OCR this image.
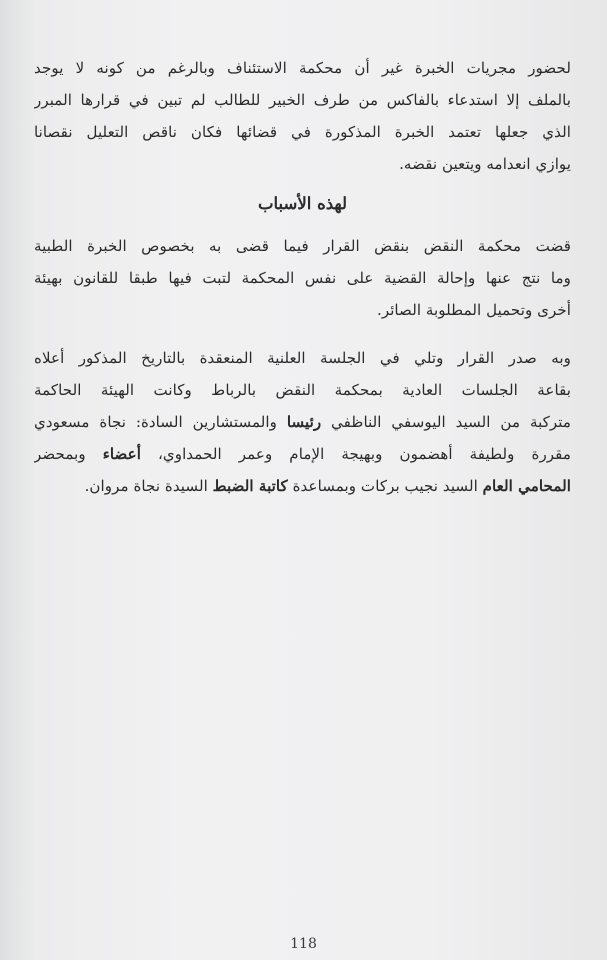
لحضور مجريات الخبرة غير أن محكمة الاستئناف وبالرغم من كونه لا يوجد
بالملف إلا استدعاء بالفاكس من طرف الخبير للطالب لم تبين في قرارها المبرر
الذي جعلها تعتمد الخبرة المذكورة في قضائها فكان ناقص التعليل نقصانا
يوازي انعدامه ويتعين نقضه.
لهذه الأسباب
قضت محكمة النقض بنقض القرار فيما قضى به بخصوص الخبرة الطبية
وما نتج عنها وإحالة القضية على نفس المحكمة لتبت فيها طبقا للقانون بهيئة
أخرى وتحميل المطلوبة الصائر.
وبه صدر القرار وتلي في الجلسة العلنية المنعقدة بالتاريخ المذكور أعلاه
بقاعة الجلسات العادية بمحكمة النقض بالرباط وكانت الهيئة الحاكمة
متركبة من السيد اليوسفي الناظفي رئيسا والمستشارين السادة: نجاة مسعودي
مقررة ولطيفة أهضمون وبهيجة الإمام وعمر الحمداوي، أعضاء وبمحضر
المحامي العام السيد نجيب بركات وبمساعدة كاتبة الضبط السيدة نجاة مروان.
118
